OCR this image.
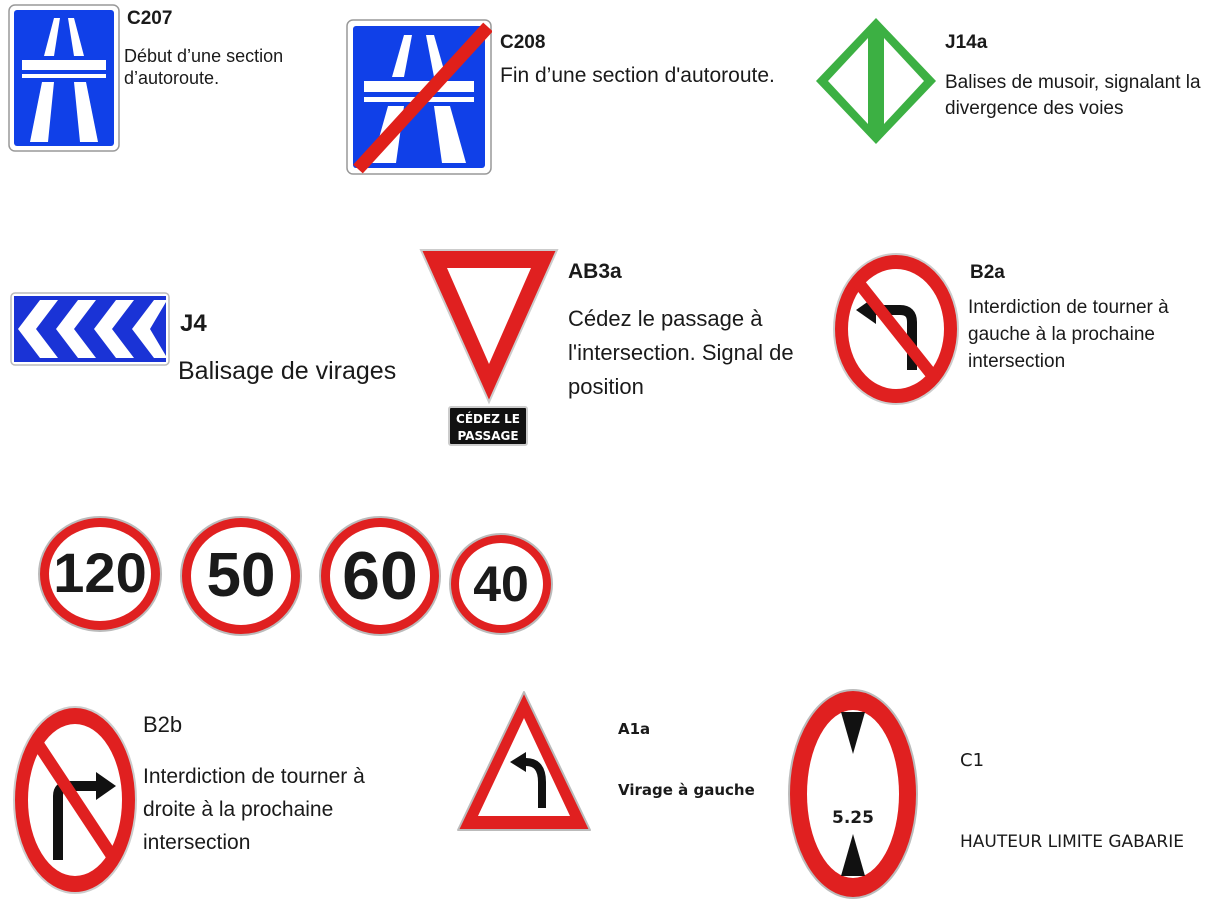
C207
Début d’une section d’autoroute.
C208
Fin d’une section d'autoroute.
J14a
Balises de musoir, signalant la divergence des voies
J4
Balisage de virages
CÉDEZ LE
PASSAGE
AB3a
Cédez le passage à l'intersection. Signal de position
B2a
Interdiction de tourner à gauche à la prochaine intersection
120 50 60	40
B2b
Interdiction de tourner à droite à la prochaine intersection
A1a
Virage à gauche
5.25
C1
HAUTEUR LIMITE GABARIE
